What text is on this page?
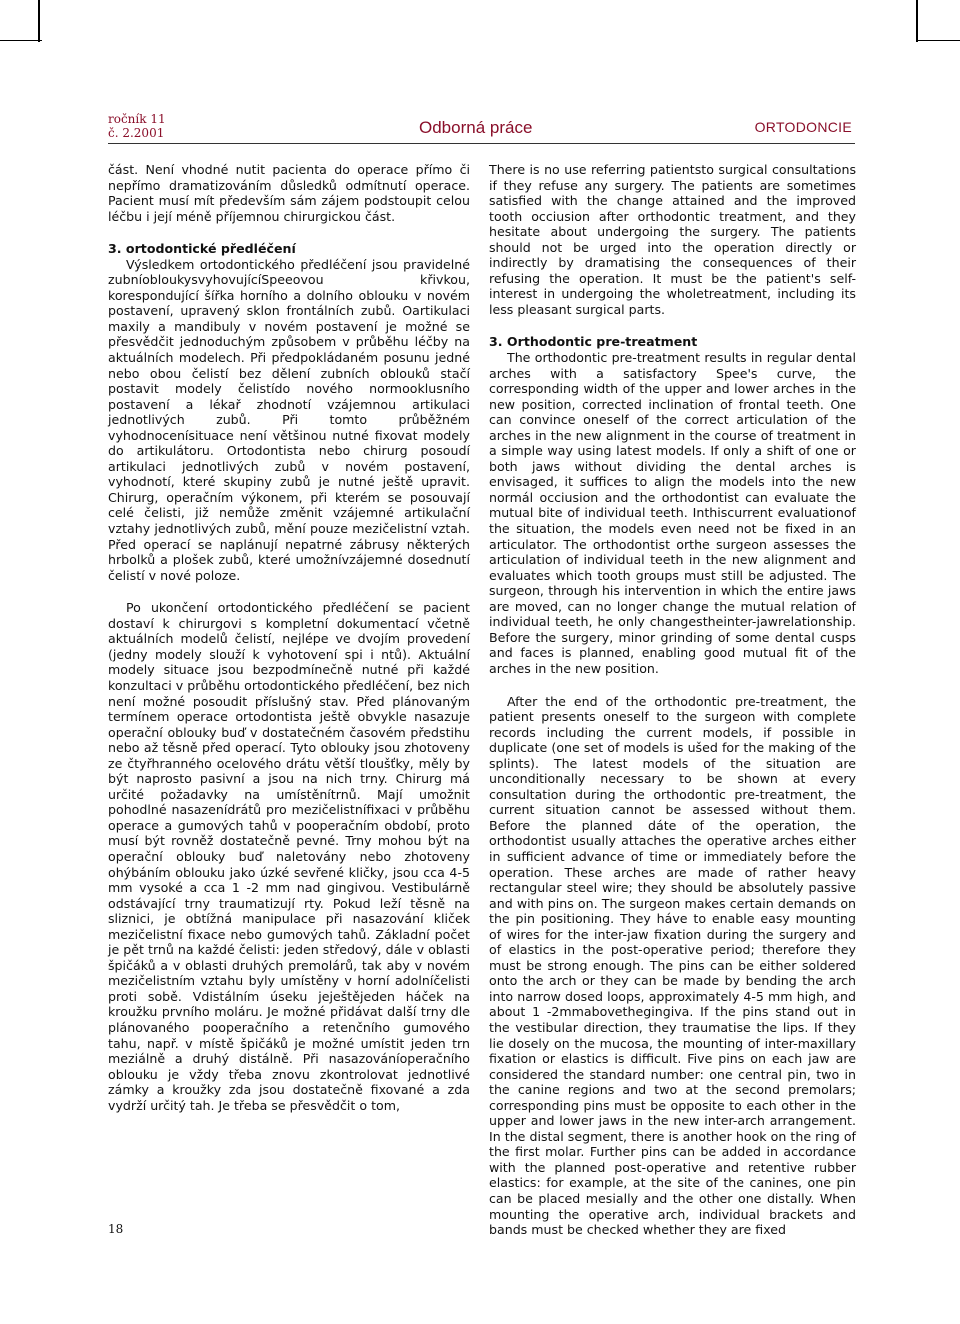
ročník 11
č. 2.2001	Odborná práce	ORTODONCIE

část. Není vhodné nutit pacienta do operace přímo či nepřímo dramatizováním důsledků odmítnutí operace. Pacient musí mít především sám zájem podstoupit celou léčbu i její méně příjemnou chirurgickou část.

3. ortodontické předléčení

Výsledkem ortodontického předléčení jsou pravidelné zubníobloukysvyhovujícíSpeeovou křivkou, korespondující šířka horního a dolního oblouku v novém postavení, upravený sklon frontálních zubů. Oartikulaci maxily a mandibuly v novém postavení je možné se přesvědčit jednoduchým způsobem v průběhu léčby na aktuálních modelech. Při předpokládaném posunu jedné nebo obou čelistí bez dělení zubních oblouků stačí postavit modely čelistído nového normooklusního postavení a lékař zhodnotí vzájemnou artikulaci jednotlivých zubů. Při tomto průběžném vyhodnocenísituace není většinou nutné fixovat modely do artikulátoru. Ortodontista nebo chirurg posoudí artikulaci jednotlivých zubů v novém postavení, vyhodnotí, které skupiny zubů je nutné ještě upravit. Chirurg, operačním výkonem, při kterém se posouvají celé čelisti, již nemůže změnit vzájemné artikulační vztahy jednotlivých zubů, mění pouze mezičelistní vztah. Před operací se naplánují nepatrné zábrusy některých hrbolků a plošek zubů, které umožnívzájemné dosednutí čelistí v nové poloze.

Po ukončení ortodontického předléčení se pacient dostaví k chirurgovi s kompletní dokumentací včetně aktuálních modelů čelistí, nejlépe ve dvojím provedení (jedny modely slouží k vyhotovení spi i ntů). Aktuální modely situace jsou bezpodmínečně nutné při každé konzultaci v průběhu ortodontického předléčení, bez nich není možné posoudit příslušný stav. Před plánovaným termínem operace ortodontista ještě obvykle nasazuje operační oblouky buď v dostatečném časovém předstihu nebo až těsně před operací. Tyto oblouky jsou zhotoveny ze čtyřhranného ocelového drátu větší tloušťky, měly by být naprosto pasivní a jsou na nich trny. Chirurg má určité požadavky na umístěnítrnů. Mají umožnit pohodlné nasazenídrátů pro mezičelistnífixaci v průběhu operace a gumových tahů v pooperačním období, proto musí být rovněž dostatečně pevné. Trny mohou být na operační oblouky buď naletovány nebo zhotoveny ohýbáním oblouku jako úzké sevřené kličky, jsou cca 4-5 mm vysoké a cca 1 -2 mm nad gingivou. Vestibulárně odstávající trny traumatizují rty. Pokud leží těsně na sliznici, je obtížná manipulace při nasazování kliček mezičelistní fixace nebo gumových tahů. Základní počet je pět trnů na každé čelisti: jeden středový, dále v oblasti špičáků a v oblasti druhých premolárů, tak aby v novém mezičelistním vztahu byly umístěny v horní adolníčelisti proti sobě. Vdistálním úseku jeještějeden háček na kroužku prvního moláru. Je možné přidávat další trny dle plánovaného pooperačního a retenčního gumového tahu, např. v místě špičáků je možné umístit jeden trn meziálně a druhý distálně. Při nasazováníoperačního oblouku je vždy třeba znovu zkontrolovat jednotlivé zámky a kroužky zda jsou dostatečně fixované a zda vydrží určitý tah. Je třeba se přesvědčit o tom,

There is no use referring patientsto surgical consultations if they refuse any surgery. The patients are sometimes satisfied with the change attained and the improved tooth occiusion after orthodontic treatment, and they hesitate about undergoing the surgery. The patients should not be urged into the operation directly or indirectly by dramatising the consequences of their refusing the operation. It must be the patient's self-interest in undergoing the wholetreatment, including its less pleasant surgical parts.

3. Orthodontic pre-treatment

The orthodontic pre-treatment results in regular dental arches with a satisfactory Spee's curve, the corresponding width of the upper and lower arches in the new position, corrected inclination of frontal teeth. One can convince oneself of the correct articulation of the arches in the new alignment in the course of treatment in a simple way using latest models. If only a shift of one or both jaws without dividing the dental arches is envisaged, it suffices to align the models into the new normál occiusion and the orthodontist can evaluate the mutual bite of individual teeth. Inthiscurrent evaluationof the situation, the models even need not be fixed in an articulator. The orthodontist orthe surgeon assesses the articulation of individual teeth in the new alignment and evaluates which tooth groups must still be adjusted. The surgeon, through his intervention in which the entire jaws are moved, can no longer change the mutual relation of individual teeth, he only changestheinter-jawrelationship. Before the surgery, minor grinding of some dental cusps and faces is planned, enabling good mutual fit of the arches in the new position.

After the end of the orthodontic pre-treatment, the patient presents oneself to the surgeon with complete records including the current models, if possible in duplicate (one set of models is ušed for the making of the splints). The latest models of the situation are unconditionally necessary to be shown at every consultation during the orthodontic pre-treatment, the current situation cannot be assessed without them. Before the planned dáte of the operation, the orthodontist usually attaches the operative arches either in sufficient advance of time or immediately before the operation. These arches are made of rather heavy rectangular steel wire; they should be absolutely passive and with pins on. The surgeon makes certain demands on the pin positioning. They háve to enable easy mounting of wires for the inter-jaw fixation during the surgery and of elastics in the post-operative period; therefore they must be strong enough. The pins can be either soldered onto the arch or they can be made by bending the arch into narrow dosed loops, approximately 4-5 mm high, and about 1 -2mmabovethegingiva. If the pins stand out in the vestibular direction, they traumatise the lips. If they lie dosely on the mucosa, the mounting of inter-maxillary fixation or elastics is difficult. Five pins on each jaw are considered the standard number: one central pin, two in the canine regions and two at the second premolars; corresponding pins must be opposite to each other in the upper and lower jaws in the new inter-arch arrangement. In the distal segment, there is another hook on the ring of the first molar. Further pins can be added in accordance with the planned post-operative and retentive rubber elastics: for example, at the site of the canines, one pin can be placed mesially and the other one distally. When mounting the operative arch, individual brackets and bands must be checked whether they are fixed

18
